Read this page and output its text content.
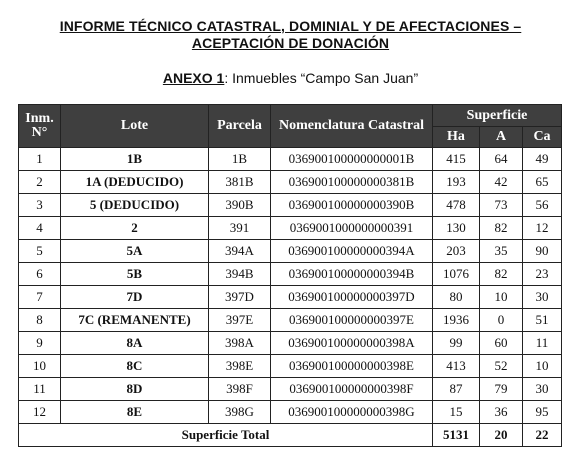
INFORME TÉCNICO CATASTRAL, DOMINIAL Y DE AFECTACIONES –
ACEPTACIÓN DE DONACIÓN
ANEXO 1: Inmuebles “Campo San Juan”
Inm.
N°	Lote	Parcela	Nomenclatura Catastral	Superficie		
				Ha	A	Ca
1	1B	1B	036900100000000001B	415	64	49
2	1A (DEDUCIDO)	381B	036900100000000381B	193	42	65
3	5 (DEDUCIDO)	390B	036900100000000390B	478	73	56
4	2	391	0369001000000000391	130	82	12
5	5A	394A	036900100000000394A	203	35	90
6	5B	394B	036900100000000394B	1076	82	23
7	7D	397D	036900100000000397D	80	10	30
8	7C (REMANENTE)	397E	036900100000000397E	1936	0	51
9	8A	398A	036900100000000398A	99	60	11
10	8C	398E	036900100000000398E	413	52	10
11	8D	398F	036900100000000398F	87	79	30
12	8E	398G	036900100000000398G	15	36	95
Superficie Total				5131	20	22
